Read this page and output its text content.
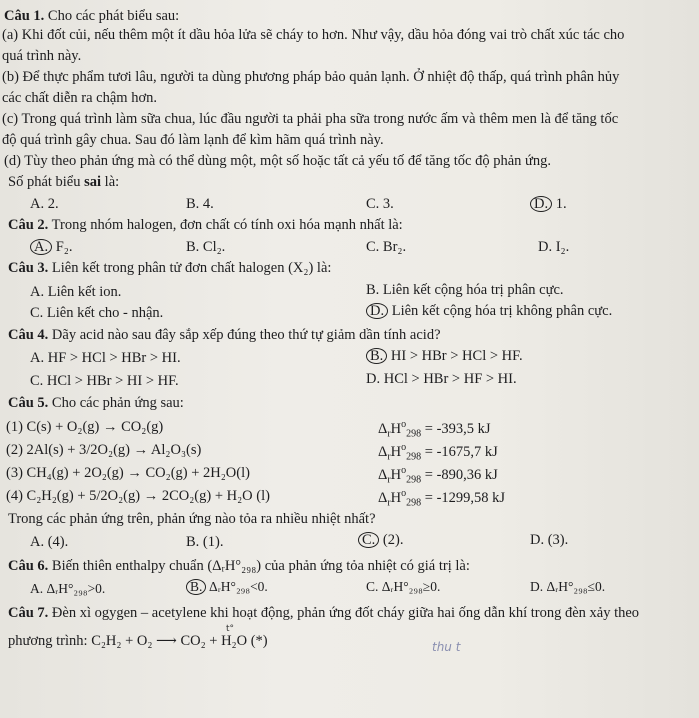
Câu 1. Cho các phát biểu sau:
(a) Khi đốt củi, nếu thêm một ít dầu hỏa lửa sẽ cháy to hơn. Như vậy, dầu hỏa đóng vai trò chất xúc tác cho
quá trình này.
(b) Để thực phẩm tươi lâu, người ta dùng phương pháp bảo quản lạnh. Ở nhiệt độ thấp, quá trình phân hủy
các chất diễn ra chậm hơn.
(c) Trong quá trình làm sữa chua, lúc đầu người ta phải pha sữa trong nước ấm và thêm men là để tăng tốc
độ quá trình gây chua. Sau đó làm lạnh để kìm hãm quá trình này.
(d) Tùy theo phản ứng mà có thể dùng một, một số hoặc tất cả yếu tố để tăng tốc độ phản ứng.
Số phát biểu sai là:
A. 2.	B. 4.	C. 3.	D. 1.
Câu 2. Trong nhóm halogen, đơn chất có tính oxi hóa mạnh nhất là:
A. F₂.	B. Cl₂.	C. Br₂.	D. I₂.
Câu 3. Liên kết trong phân tử đơn chất halogen (X₂) là:
A. Liên kết ion.	B. Liên kết cộng hóa trị phân cực.
C. Liên kết cho - nhận.	D. Liên kết cộng hóa trị không phân cực.
Câu 4. Dãy acid nào sau đây sắp xếp đúng theo thứ tự giảm dần tính acid?
A. HF > HCl > HBr > HI.	B. HI > HBr > HCl > HF.
C. HCl > HBr > HI > HF.	D. HCl > HBr > HF > HI.
Câu 5. Cho các phản ứng sau:
(1) C(s) + O₂(g) → CO₂(g)	$\Delta_rH^o_{298} = -393,5$ kJ
(2) 2Al(s) + 3/2O₂(g) → Al₂O₃(s)	$\Delta_rH^o_{298} = -1675,7$ kJ
(3) CH₄(g) + 2O₂(g) → CO₂(g) + 2H₂O(l)	$\Delta_rH^o_{298} = -890,36$ kJ
(4) C₂H₂(g) + 5/2O₂(g) → 2CO₂(g) + H₂O (l)	$\Delta_rH^o_{298} = -1299,58$ kJ
Trong các phản ứng trên, phản ứng nào tỏa ra nhiều nhiệt nhất?
A. (4).	B. (1).	C. (2).	D. (3).
Câu 6. Biến thiên enthalpy chuẩn (ΔᵣH°₂₉₈) của phản ứng tỏa nhiệt có giá trị là:
A. ΔᵣH°₂₉₈>0.	B. ΔᵣH°₂₉₈<0.	C. ΔᵣH°₂₉₈≥0.	D. ΔᵣH°₂₉₈≤0.
Câu 7. Đèn xì ogygen – acetylene khi hoạt động, phản ứng đốt cháy giữa hai ống dẫn khí trong đèn xảy theo
phương trình: C₂H₂ + O₂ ⟶ CO₂ + H₂O (*)
t°
thu t
